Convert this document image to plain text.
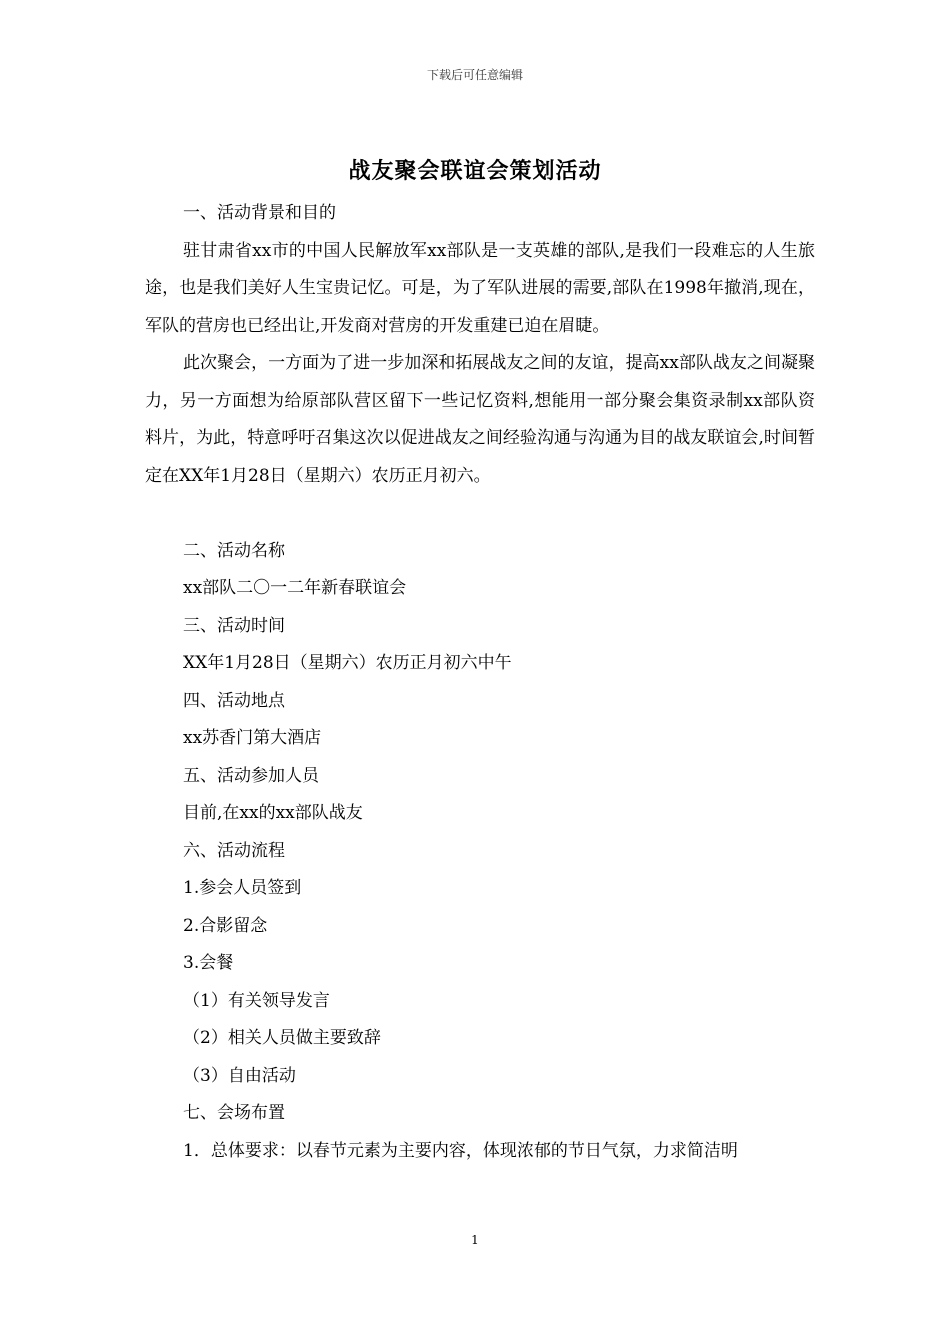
下载后可任意编辑
战友聚会联谊会策划活动
一、活动背景和目的

驻甘肃省xx市的中国人民解放军xx部队是一支英雄的部队,是我们一段难忘的人生旅途，也是我们美好人生宝贵记忆。可是，为了军队进展的需要,部队在1998年撤消,现在，军队的营房也已经出让,开发商对营房的开发重建已迫在眉睫。

此次聚会，一方面为了进一步加深和拓展战友之间的友谊，提高xx部队战友之间凝聚力，另一方面想为给原部队营区留下一些记忆资料,想能用一部分聚会集资录制xx部队资料片，为此，特意呼吁召集这次以促进战友之间经验沟通与沟通为目的战友联谊会,时间暂定在XX年1月28日（星期六）农历正月初六。

二、活动名称
xx部队二〇一二年新春联谊会
三、活动时间
XX年1月28日（星期六）农历正月初六中午
四、活动地点
xx苏香门第大酒店
五、活动参加人员
目前,在xx的xx部队战友
六、活动流程
1.参会人员签到
2.合影留念
3.会餐
（1）有关领导发言
（2）相关人员做主要致辞
（3）自由活动
七、会场布置
1．总体要求：以春节元素为主要内容，体现浓郁的节日气氛，力求简洁明
1
